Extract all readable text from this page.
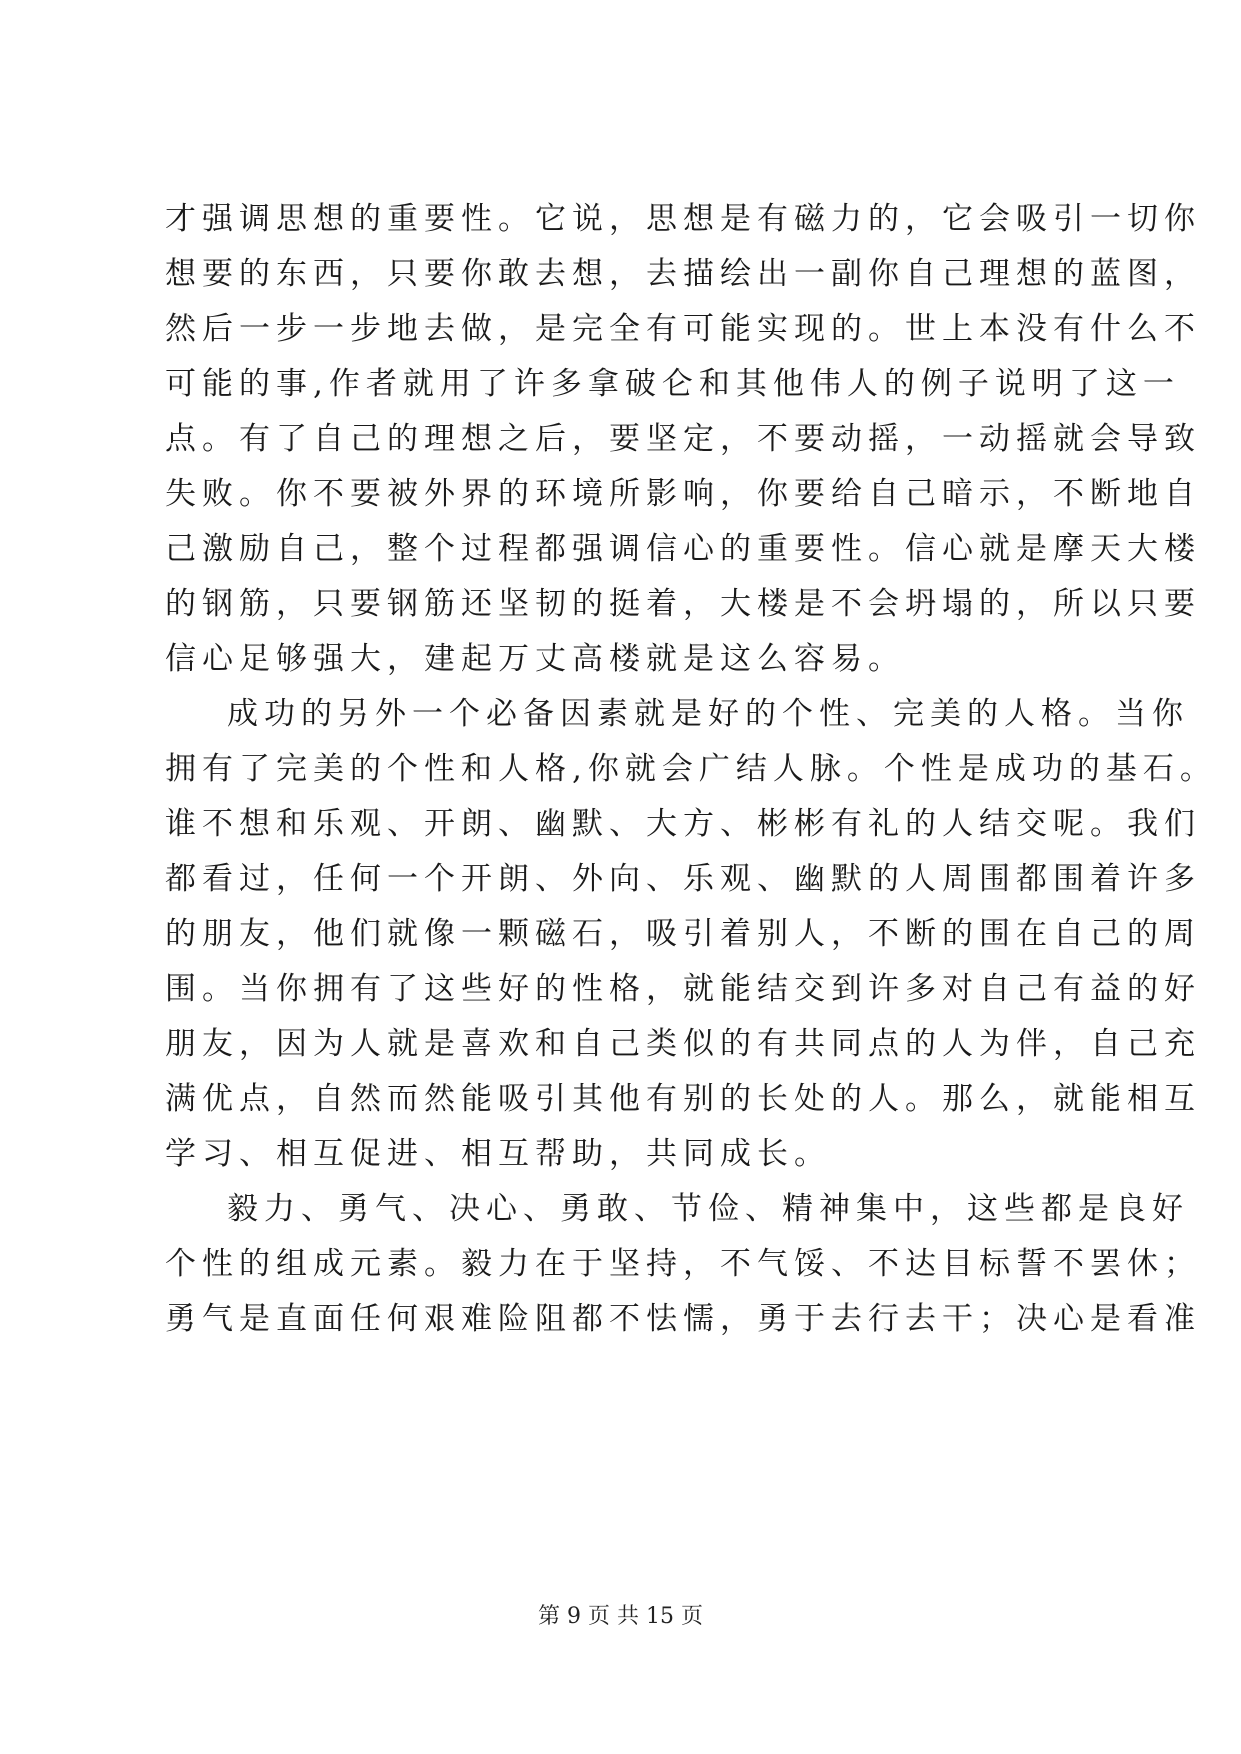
才强调思想的重要性。它说，思想是有磁力的，它会吸引一切你
想要的东西，只要你敢去想，去描绘出一副你自己理想的蓝图，
然后一步一步地去做，是完全有可能实现的。世上本没有什么不
可能的事,作者就用了许多拿破仑和其他伟人的例子说明了这一
点。有了自己的理想之后，要坚定，不要动摇，一动摇就会导致
失败。你不要被外界的环境所影响，你要给自己暗示，不断地自
己激励自己，整个过程都强调信心的重要性。信心就是摩天大楼
的钢筋，只要钢筋还坚韧的挺着，大楼是不会坍塌的，所以只要
信心足够强大，建起万丈高楼就是这么容易。
成功的另外一个必备因素就是好的个性、完美的人格。当你
拥有了完美的个性和人格,你就会广结人脉。个性是成功的基石。
谁不想和乐观、开朗、幽默、大方、彬彬有礼的人结交呢。我们
都看过，任何一个开朗、外向、乐观、幽默的人周围都围着许多
的朋友，他们就像一颗磁石，吸引着别人，不断的围在自己的周
围。当你拥有了这些好的性格，就能结交到许多对自己有益的好
朋友，因为人就是喜欢和自己类似的有共同点的人为伴，自己充
满优点，自然而然能吸引其他有别的长处的人。那么，就能相互
学习、相互促进、相互帮助，共同成长。
毅力、勇气、决心、勇敢、节俭、精神集中，这些都是良好
个性的组成元素。毅力在于坚持，不气馁、不达目标誓不罢休；
勇气是直面任何艰难险阻都不怯懦，勇于去行去干；决心是看准
第 9 页 共 15 页
